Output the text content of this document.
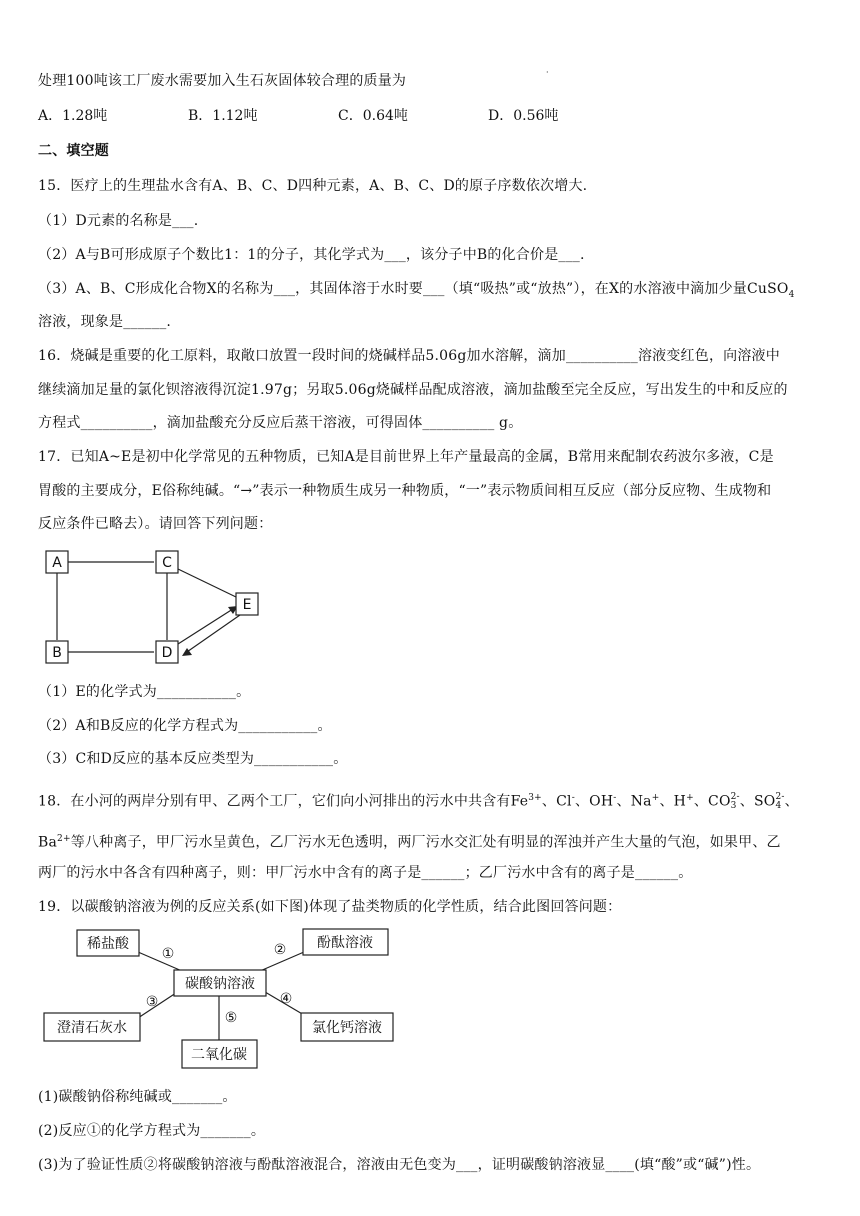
·
处理100吨该工厂废水需要加入生石灰固体较合理的质量为
A．1.28吨	B．1.12吨	C．0.64吨	D．0.56吨
二、填空题
15．医疗上的生理盐水含有A、B、C、D四种元素，A、B、C、D的原子序数依次增大.
（1）D元素的名称是___.
（2）A与B可形成原子个数比1：1的分子，其化学式为___，该分子中B的化合价是___.
（3）A、B、C形成化合物X的名称为___，其固体溶于水时要___（填“吸热”或“放热”），在X的水溶液中滴加少量CuSO$_4$
溶液，现象是______.
16．烧碱是重要的化工原料，取敞口放置一段时间的烧碱样品5.06g加水溶解，滴加__________溶液变红色，向溶液中
继续滴加足量的氯化钡溶液得沉淀1.97g；另取5.06g烧碱样品配成溶液，滴加盐酸至完全反应，写出发生的中和反应的
方程式__________，滴加盐酸充分反应后蒸干溶液，可得固体__________ g。
17．已知A~E是初中化学常见的五种物质，已知A是目前世界上年产量最高的金属，B常用来配制农药波尔多液，C是
胃酸的主要成分，E俗称纯碱。“→”表示一种物质生成另一种物质，“一”表示物质间相互反应（部分反应物、生成物和
反应条件已略去）。请回答下列问题：
A	C
E
B	D
（1）E的化学式为___________。
（2）A和B反应的化学方程式为___________。
（3）C和D反应的基本反应类型为___________。
18．在小河的两岸分别有甲、乙两个工厂，它们向小河排出的污水中共含有$Fe^{3+}$、Cl-、OH-、Na+、H+、CO 2-
3 、SO 2-
4 、
$Ba^{2+}$等八种离子，甲厂污水呈黄色，乙厂污水无色透明，两厂污水交汇处有明显的浑浊并产生大量的气泡，如果甲、乙
两厂的污水中各含有四种离子，则：甲厂污水中含有的离子是______；乙厂污水中含有的离子是______。
19．以碳酸钠溶液为例的反应关系(如下图)体现了盐类物质的化学性质，结合此图回答问题：
稀盐酸	酚酞溶液
碳酸钠溶液
澄清石灰水	氯化钙溶液
二氧化碳
①	②
③	④
⑤
(1)碳酸钠俗称纯碱或_______。
(2)反应①的化学方程式为_______。
(3)为了验证性质②将碳酸钠溶液与酚酞溶液混合，溶液由无色变为___，证明碳酸钠溶液显____(填“酸”或“碱”)性。
